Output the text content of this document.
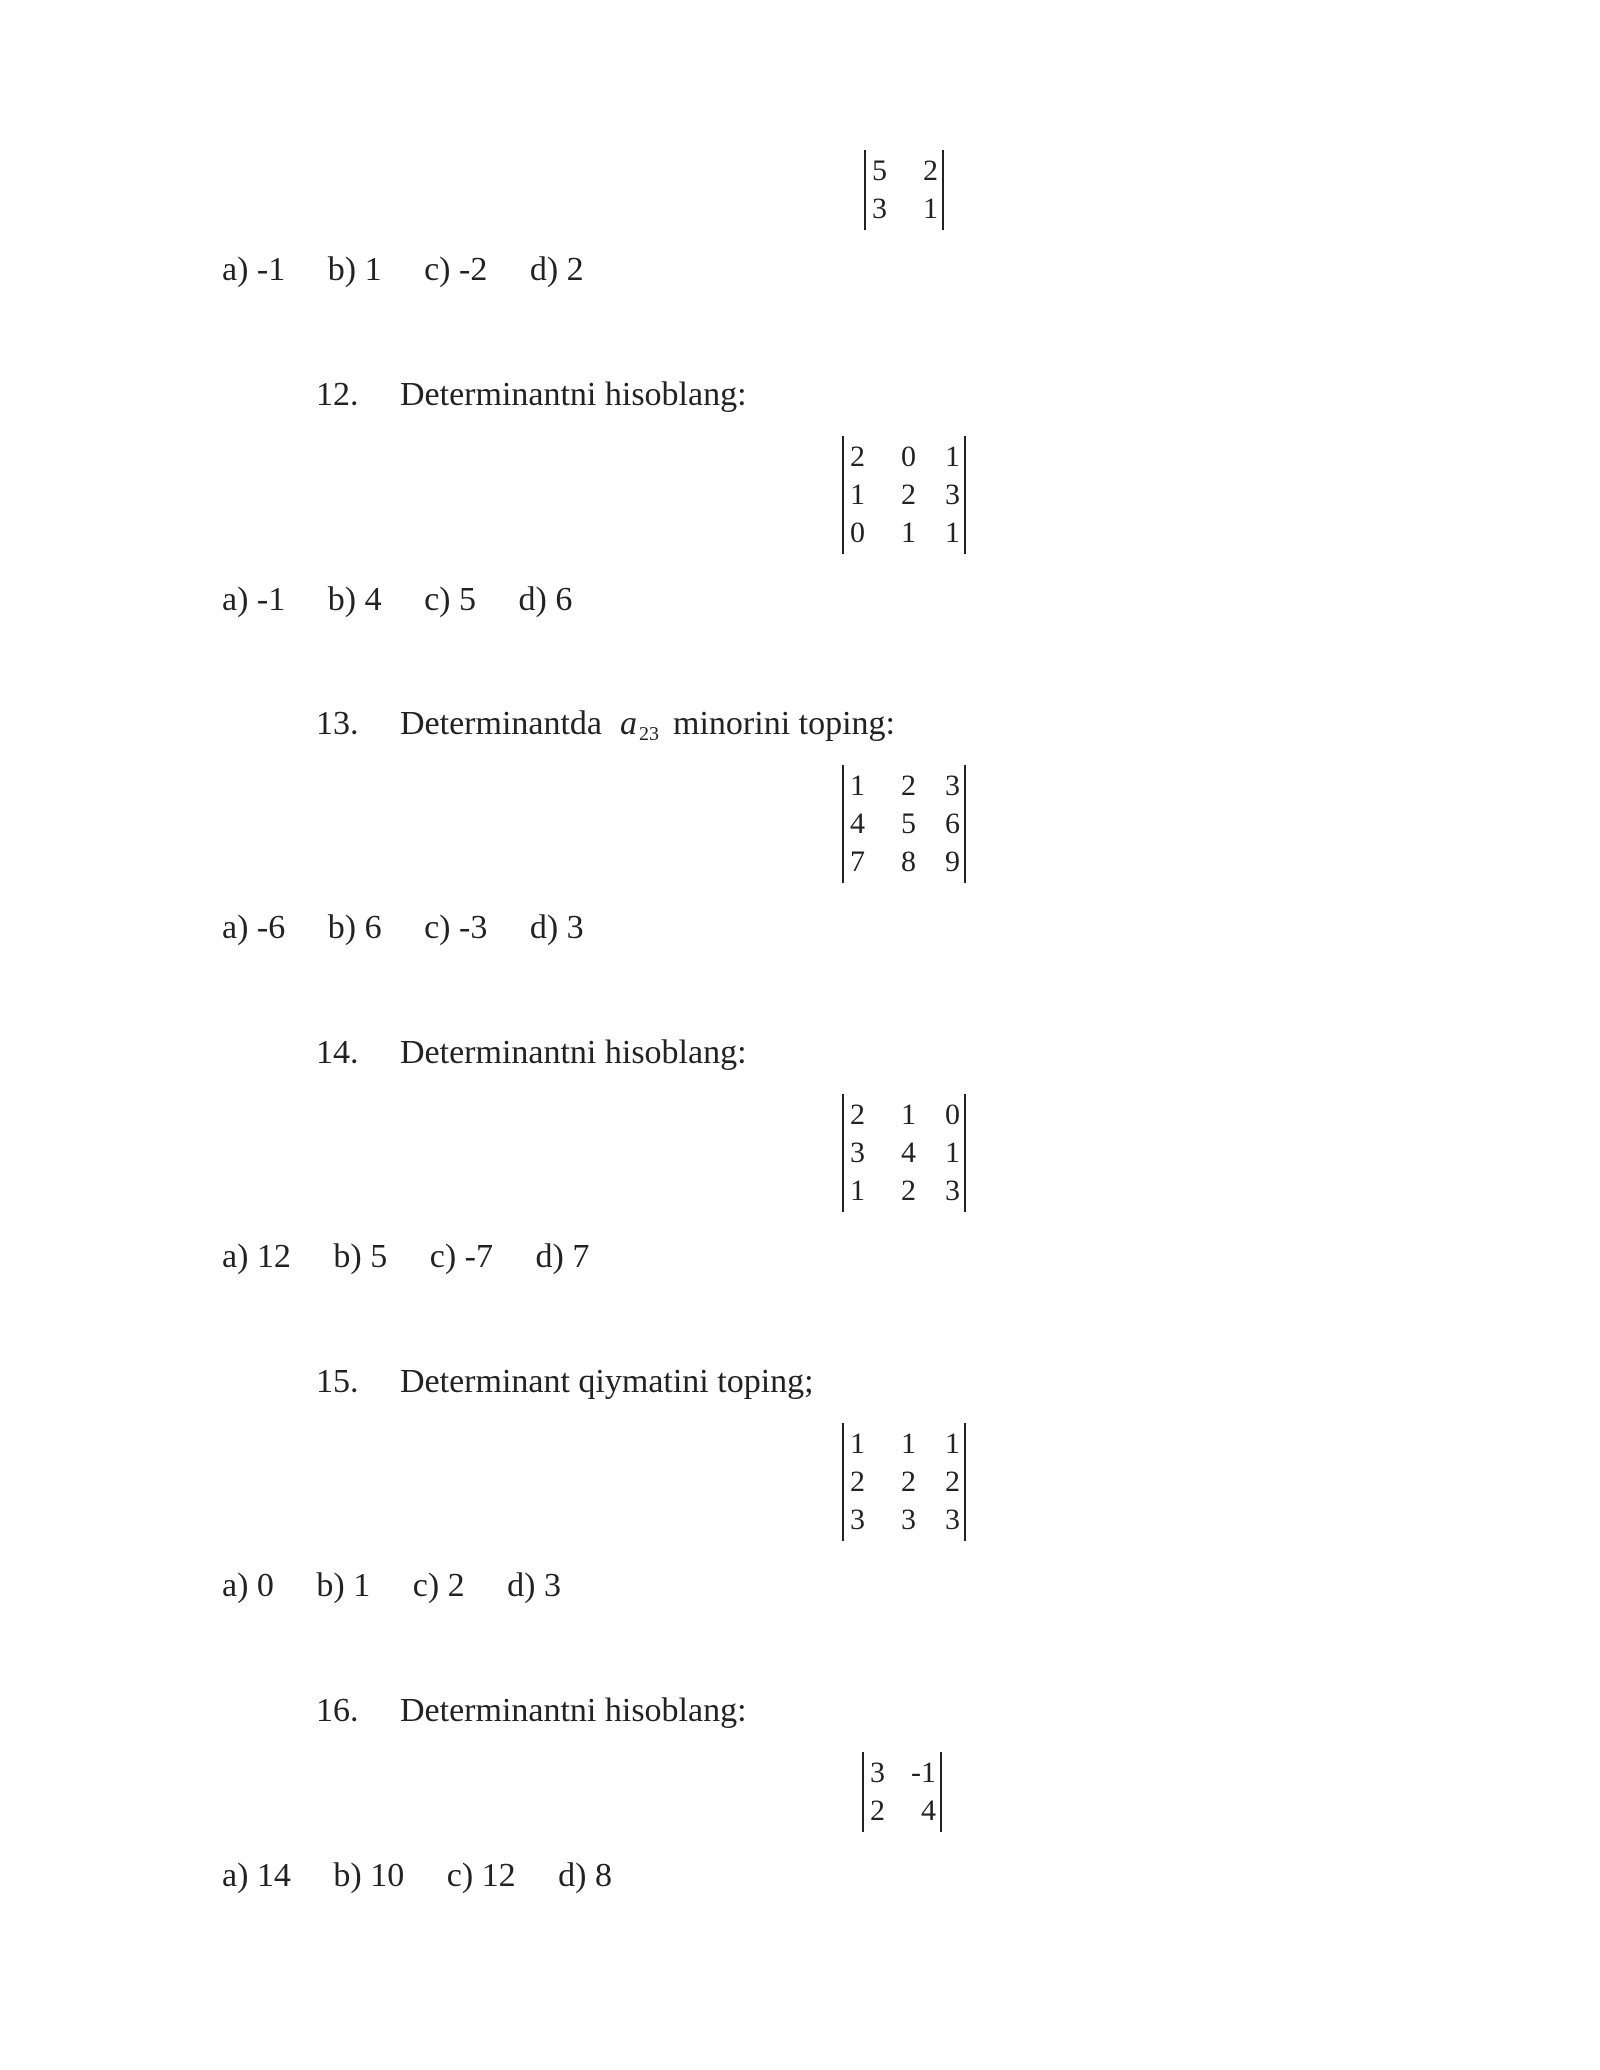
5	2
3	1
a) -1 b) 1 c) -2 d) 2
12. Determinantni hisoblang:
2	0 1
1	2 3
0	1 1
a) -1 b) 4 c) 5 d) 6
13. Determinantda a $_{23}$ minorini toping:
1	2 3
4	5 6
7	8 9
a) -6 b) 6 c) -3 d) 3
14. Determinantni hisoblang:
2	1 0
3	4 1
1	2 3
a) 12 b) 5 c) -7 d) 7
15. Determinant qiymatini toping;
1	1 1
2	2 2
3	3 3
a) 0 b) 1 c) 2 d) 3
16. Determinantni hisoblang:
3 -1
2	4
a) 14 b) 10 c) 12 d) 8
